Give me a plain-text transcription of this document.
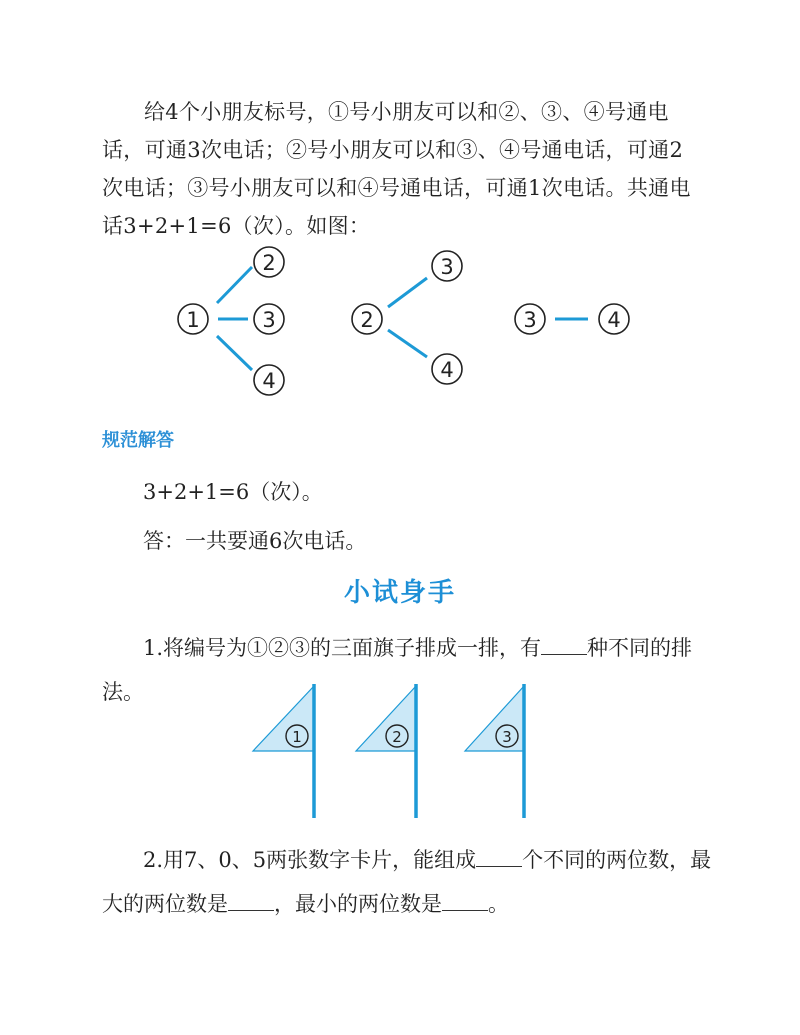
给4个小朋友标号，①号小朋友可以和②、③、④号通电话，可通3次电话；②号小朋友可以和③、④号通电话，可通2次电话；③号小朋友可以和④号通电话，可通1次电话。共通电话3+2+1=6（次）。如图：
1
2
3
4
2
3
4
3	4
规范解答
3+2+1=6（次）。
答：一共要通6次电话。
小试身手
1.将编号为①②③的三面旗子排成一排，有 种不同的排法。
1	2	3
2.用7、0、5两张数字卡片，能组成 个不同的两位数，最大的两位数是 ，最小的两位数是 。
